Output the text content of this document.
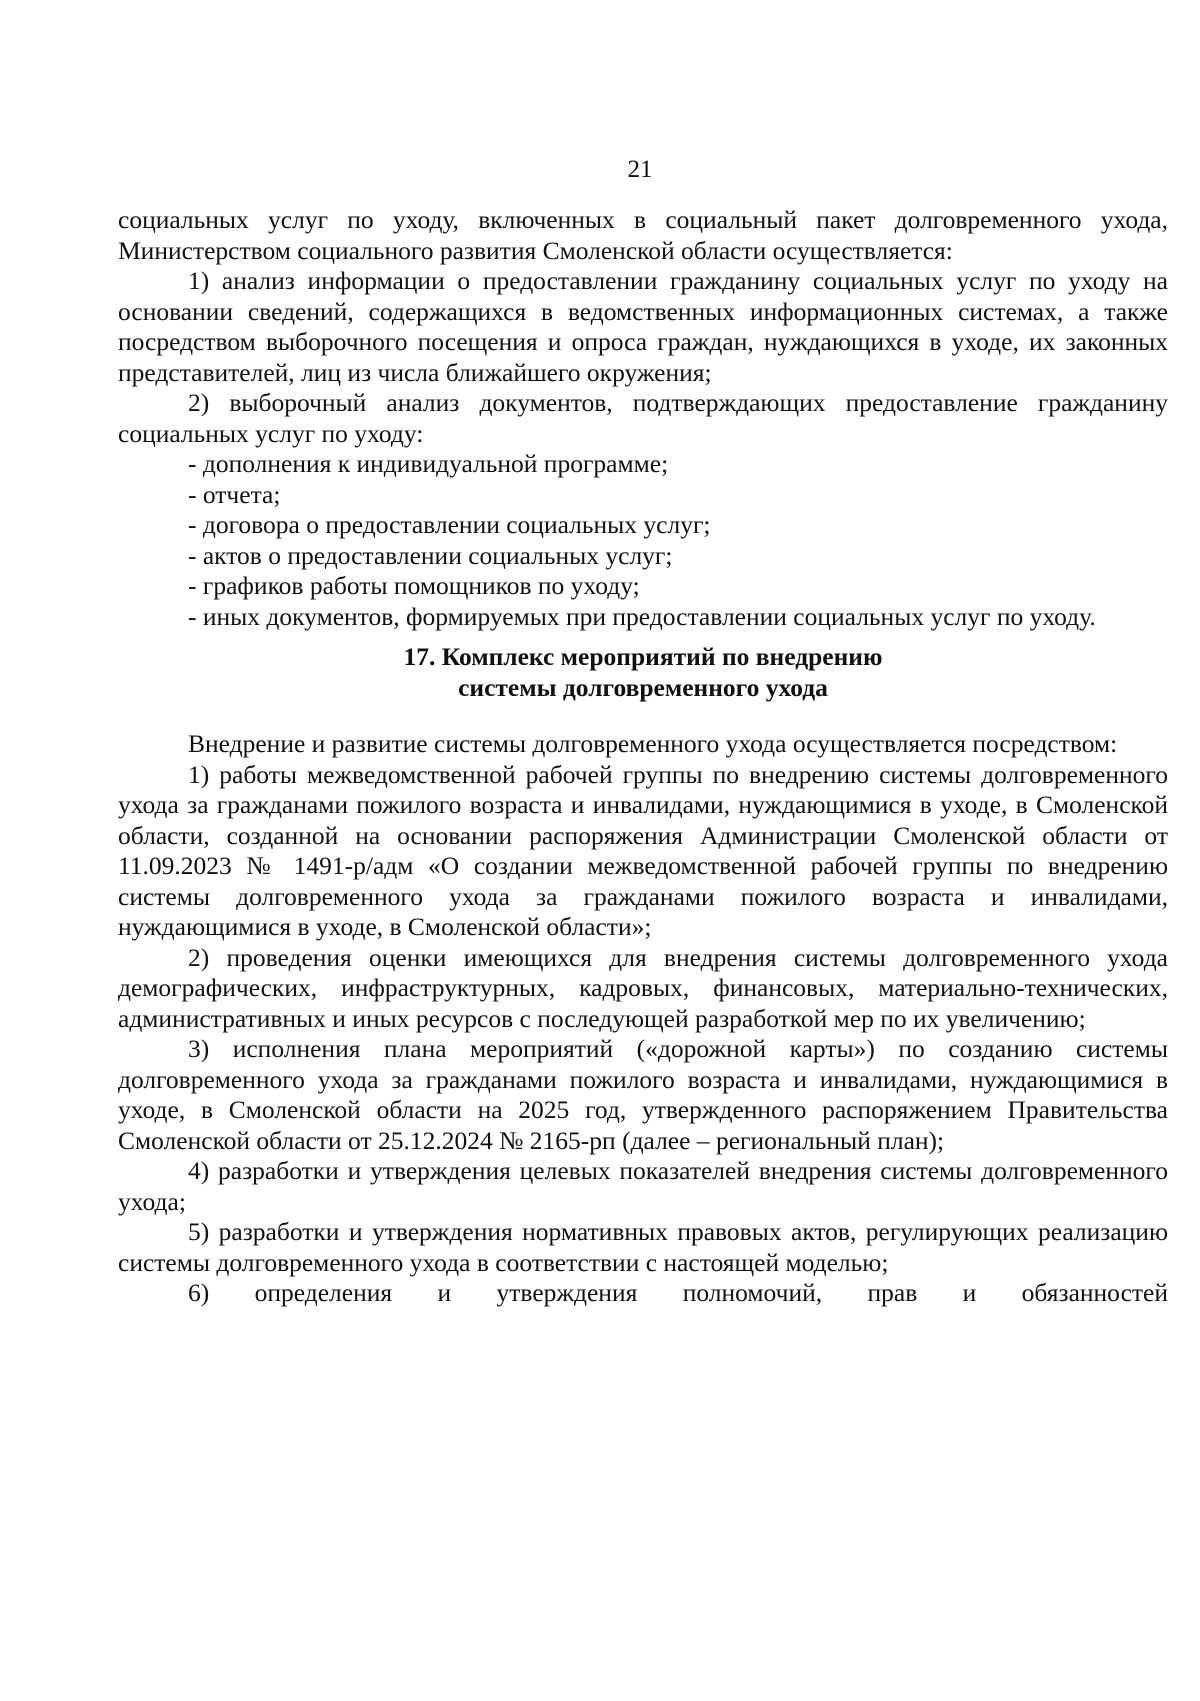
21

социальных услуг по уходу, включенных в социальный пакет долговременного ухода, Министерством социального развития Смоленской области осуществляется:

1) анализ информации о предоставлении гражданину социальных услуг по уходу на основании сведений, содержащихся в ведомственных информационных системах, а также посредством выборочного посещения и опроса граждан, нуждающихся в уходе, их законных представителей, лиц из числа ближайшего окружения;

2) выборочный анализ документов, подтверждающих предоставление гражданину социальных услуг по уходу:

- дополнения к индивидуальной программе;

- отчета;

- договора о предоставлении социальных услуг;

- актов о предоставлении социальных услуг;

- графиков работы помощников по уходу;

- иных документов, формируемых при предоставлении социальных услуг по уходу.

17. Комплекс мероприятий по внедрению
системы долговременного ухода

Внедрение и развитие системы долговременного ухода осуществляется посредством:

1) работы межведомственной рабочей группы по внедрению системы долговременного ухода за гражданами пожилого возраста и инвалидами, нуждающимися в уходе, в Смоленской области, созданной на основании распоряжения Администрации Смоленской области от 11.09.2023 № 1491-р/адм «О создании межведомственной рабочей группы по внедрению системы долговременного ухода за гражданами пожилого возраста и инвалидами, нуждающимися в уходе, в Смоленской области»;

2) проведения оценки имеющихся для внедрения системы долговременного ухода демографических, инфраструктурных, кадровых, финансовых, материально-технических, административных и иных ресурсов с последующей разработкой мер по их увеличению;

3) исполнения плана мероприятий («дорожной карты») по созданию системы долговременного ухода за гражданами пожилого возраста и инвалидами, нуждающимися в уходе, в Смоленской области на 2025 год, утвержденного распоряжением Правительства Смоленской области от 25.12.2024 № 2165-рп (далее – региональный план);

4) разработки и утверждения целевых показателей внедрения системы долговременного ухода;

5) разработки и утверждения нормативных правовых актов, регулирующих реализацию системы долговременного ухода в соответствии с настоящей моделью;

6) определения и утверждения полномочий, прав и обязанностей
